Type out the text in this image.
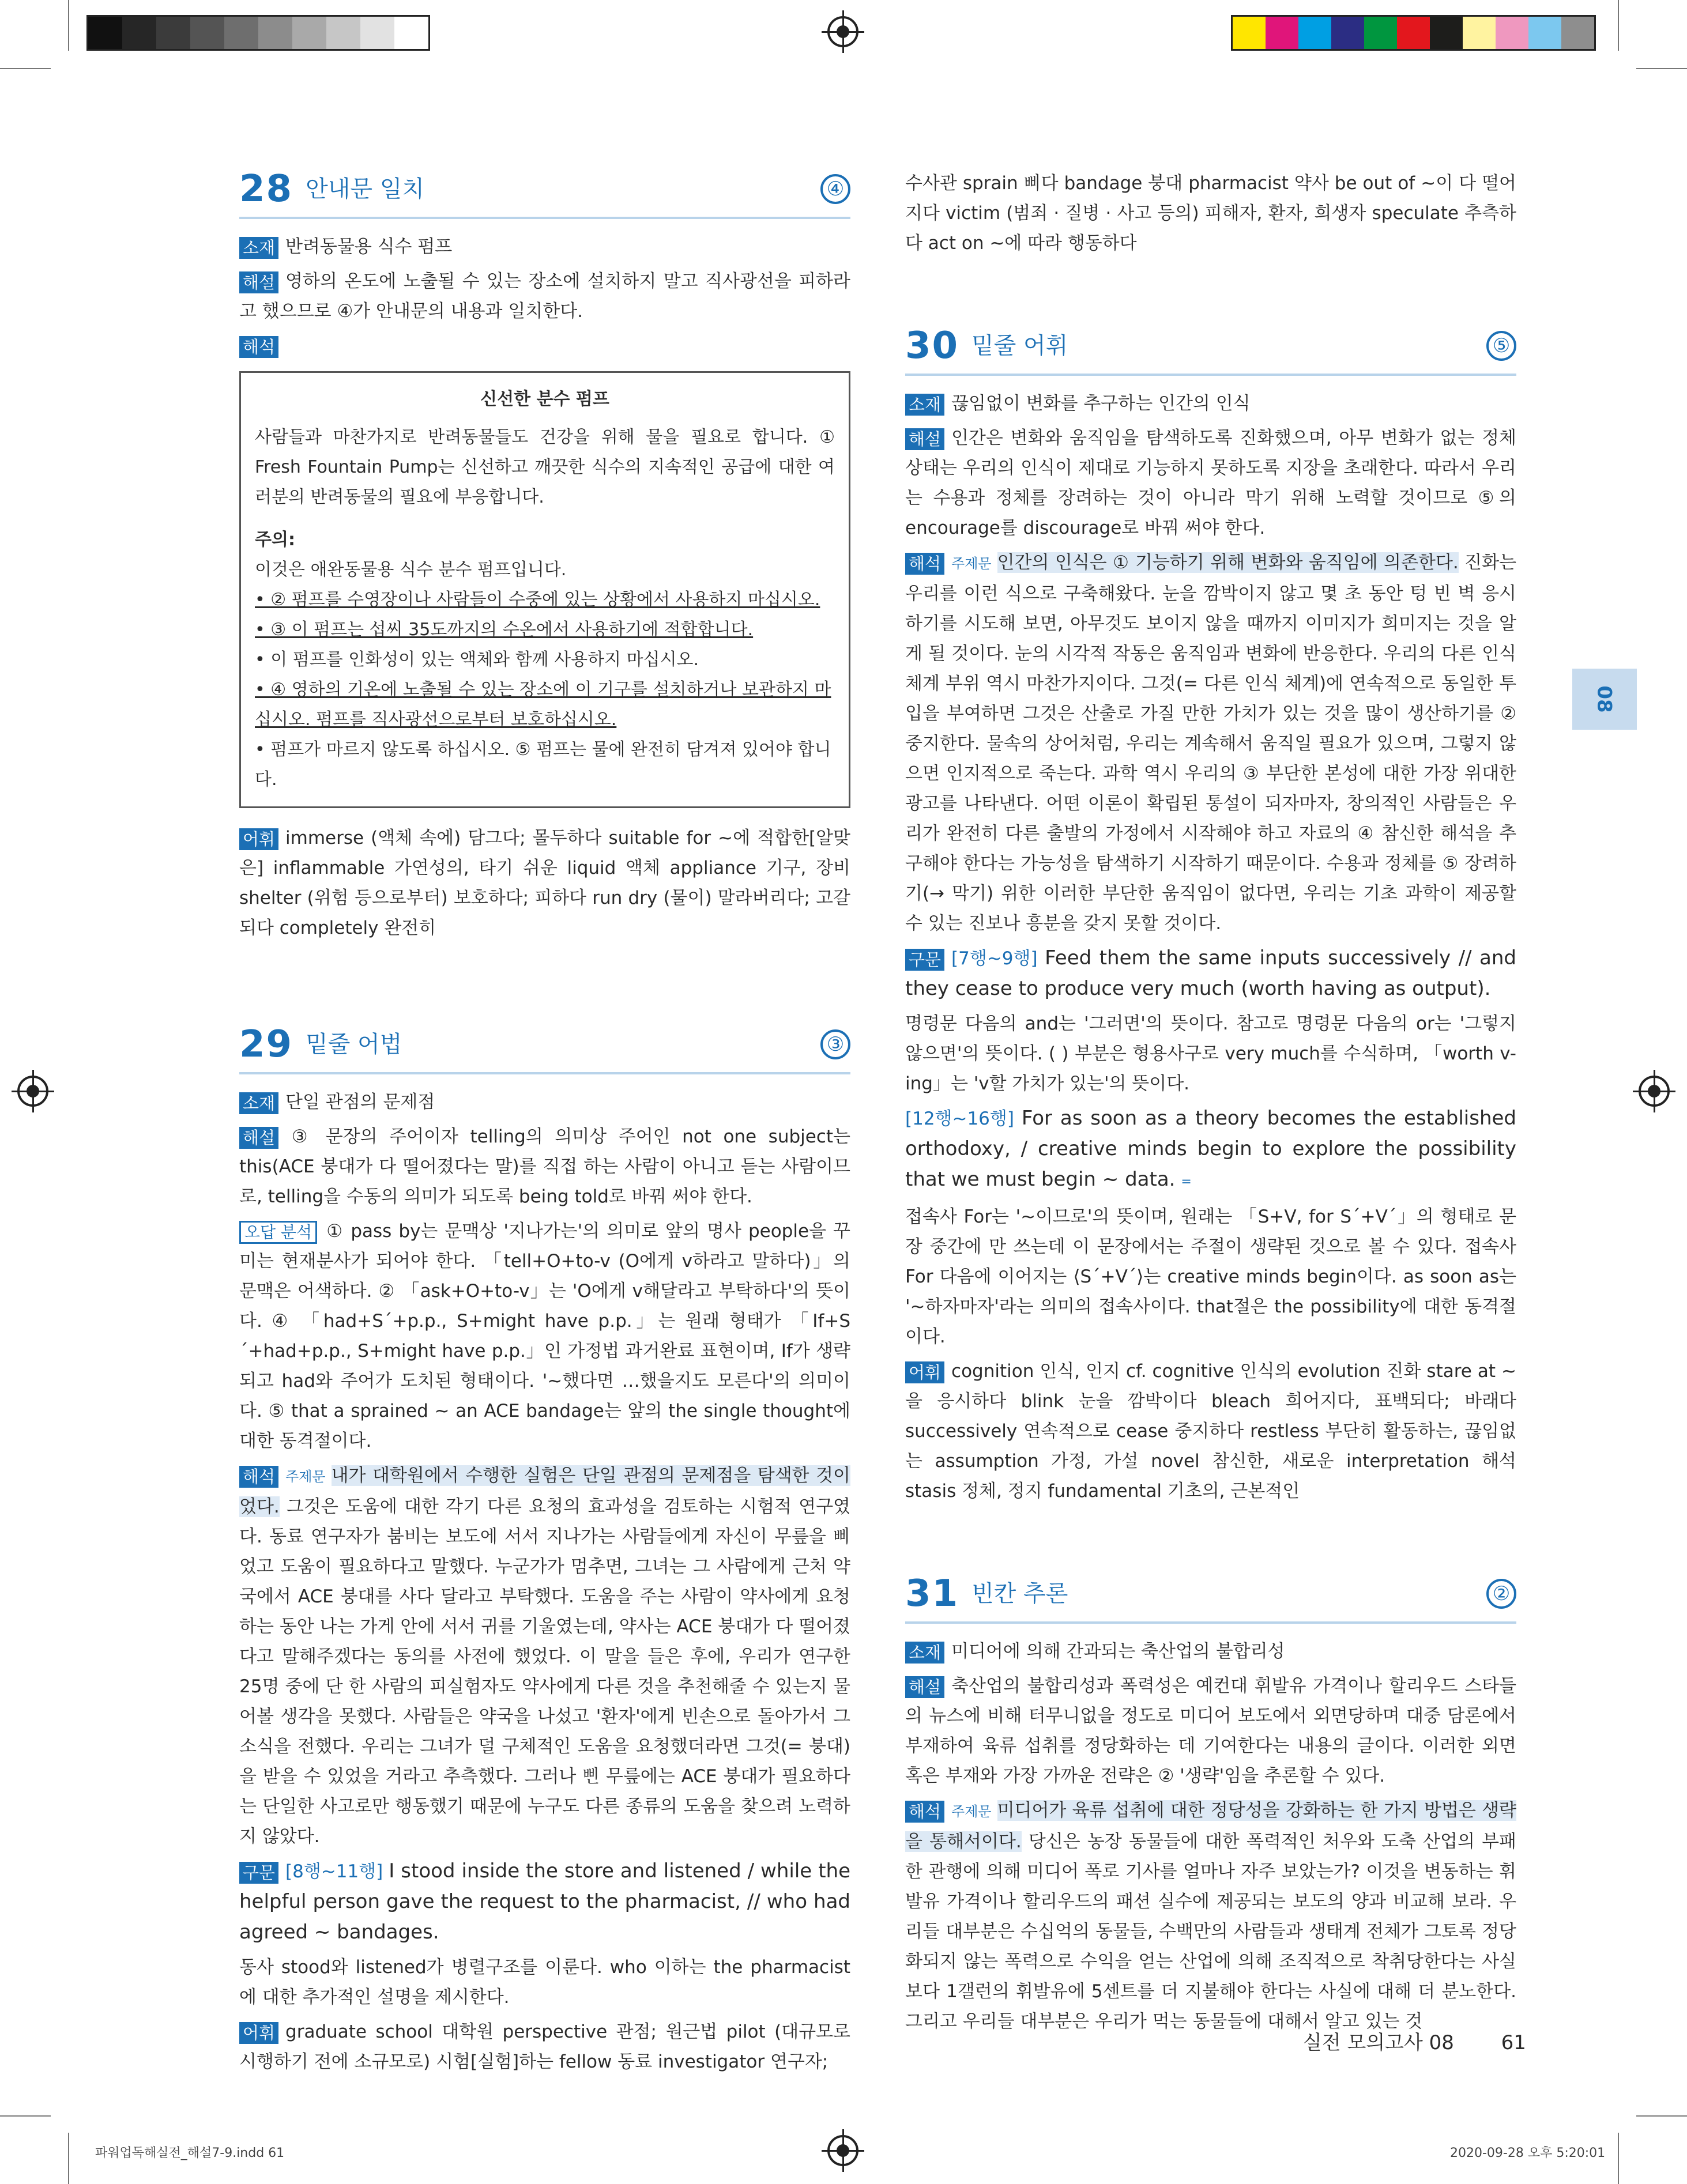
08
28 안내문 일치	④

소재 반려동물용 식수 펌프

해설 영하의 온도에 노출될 수 있는 장소에 설치하지 말고 직사광선을 피하라고 했으므로 ④가 안내문의 내용과 일치한다.

해석

신선한 분수 펌프

사람들과 마찬가지로 반려동물들도 건강을 위해 물을 필요로 합니다. ① Fresh Fountain Pump는 신선하고 깨끗한 식수의 지속적인 공급에 대한 여러분의 반려동물의 필요에 부응합니다.

주의:
이것은 애완동물용 식수 분수 펌프입니다.
• ② 펌프를 수영장이나 사람들이 수중에 있는 상황에서 사용하지 마십시오.
• ③ 이 펌프는 섭씨 35도까지의 수온에서 사용하기에 적합합니다.
• 이 펌프를 인화성이 있는 액체와 함께 사용하지 마십시오.
• ④ 영하의 기온에 노출될 수 있는 장소에 이 기구를 설치하거나 보관하지 마십시오. 펌프를 직사광선으로부터 보호하십시오.
• 펌프가 마르지 않도록 하십시오. ⑤ 펌프는 물에 완전히 담겨져 있어야 합니다.

어휘 immerse (액체 속에) 담그다; 몰두하다 suitable for ~에 적합한[알맞은] inflammable 가연성의, 타기 쉬운 liquid 액체 appliance 기구, 장비 shelter (위험 등으로부터) 보호하다; 피하다 run dry (물이) 말라버리다; 고갈되다 completely 완전히

29 밑줄 어법	③

소재 단일 관점의 문제점

해설 ③ 문장의 주어이자 telling의 의미상 주어인 not one subject는 this(ACE 붕대가 다 떨어졌다는 말)를 직접 하는 사람이 아니고 듣는 사람이므로, telling을 수동의 의미가 되도록 being told로 바꿔 써야 한다.

오답 분석 ① pass by는 문맥상 '지나가는'의 의미로 앞의 명사 people을 꾸미는 현재분사가 되어야 한다. 「tell+O+to-v (O에게 v하라고 말하다)」의 문맥은 어색하다. ② 「ask+O+to-v」는 'O에게 v해달라고 부탁하다'의 뜻이다. ④ 「had+S´+p.p., S+might have p.p.」는 원래 형태가 「If+S´+had+p.p., S+might have p.p.」인 가정법 과거완료 표현이며, If가 생략되고 had와 주어가 도치된 형태이다. '~했다면 …했을지도 모른다'의 의미이다. ⑤ that a sprained ~ an ACE bandage는 앞의 the single thought에 대한 동격절이다.

해석 주제문 내가 대학원에서 수행한 실험은 단일 관점의 문제점을 탐색한 것이었다. 그것은 도움에 대한 각기 다른 요청의 효과성을 검토하는 시험적 연구였다. 동료 연구자가 붐비는 보도에 서서 지나가는 사람들에게 자신이 무릎을 삐었고 도움이 필요하다고 말했다. 누군가가 멈추면, 그녀는 그 사람에게 근처 약국에서 ACE 붕대를 사다 달라고 부탁했다. 도움을 주는 사람이 약사에게 요청하는 동안 나는 가게 안에 서서 귀를 기울였는데, 약사는 ACE 붕대가 다 떨어졌다고 말해주겠다는 동의를 사전에 했었다. 이 말을 들은 후에, 우리가 연구한 25명 중에 단 한 사람의 피실험자도 약사에게 다른 것을 추천해줄 수 있는지 물어볼 생각을 못했다. 사람들은 약국을 나섰고 '환자'에게 빈손으로 돌아가서 그 소식을 전했다. 우리는 그녀가 덜 구체적인 도움을 요청했더라면 그것(= 붕대)을 받을 수 있었을 거라고 추측했다. 그러나 삔 무릎에는 ACE 붕대가 필요하다는 단일한 사고로만 행동했기 때문에 누구도 다른 종류의 도움을 찾으려 노력하지 않았다.

구문 [8행~11행] I stood inside the store and listened / while the helpful person gave the request to the pharmacist, // who had agreed ~ bandages.

동사 stood와 listened가 병렬구조를 이룬다. who 이하는 the pharmacist에 대한 추가적인 설명을 제시한다.

어휘 graduate school 대학원 perspective 관점; 원근법 pilot (대규모로 시행하기 전에 소규모로) 시험[실험]하는 fellow 동료 investigator 연구자;

수사관 sprain 삐다 bandage 붕대 pharmacist 약사 be out of ~이 다 떨어지다 victim (범죄 · 질병 · 사고 등의) 피해자, 환자, 희생자 speculate 추측하다 act on ~에 따라 행동하다

30 밑줄 어휘	⑤

소재 끊임없이 변화를 추구하는 인간의 인식

해설 인간은 변화와 움직임을 탐색하도록 진화했으며, 아무 변화가 없는 정체 상태는 우리의 인식이 제대로 기능하지 못하도록 지장을 초래한다. 따라서 우리는 수용과 정체를 장려하는 것이 아니라 막기 위해 노력할 것이므로 ⑤의 encourage를 discourage로 바꿔 써야 한다.

해석 주제문 인간의 인식은 ① 기능하기 위해 변화와 움직임에 의존한다. 진화는 우리를 이런 식으로 구축해왔다. 눈을 깜박이지 않고 몇 초 동안 텅 빈 벽 응시하기를 시도해 보면, 아무것도 보이지 않을 때까지 이미지가 희미지는 것을 알게 될 것이다. 눈의 시각적 작동은 움직임과 변화에 반응한다. 우리의 다른 인식 체계 부위 역시 마찬가지이다. 그것(= 다른 인식 체계)에 연속적으로 동일한 투입을 부여하면 그것은 산출로 가질 만한 가치가 있는 것을 많이 생산하기를 ② 중지한다. 물속의 상어처럼, 우리는 계속해서 움직일 필요가 있으며, 그렇지 않으면 인지적으로 죽는다. 과학 역시 우리의 ③ 부단한 본성에 대한 가장 위대한 광고를 나타낸다. 어떤 이론이 확립된 통설이 되자마자, 창의적인 사람들은 우리가 완전히 다른 출발의 가정에서 시작해야 하고 자료의 ④ 참신한 해석을 추구해야 한다는 가능성을 탐색하기 시작하기 때문이다. 수용과 정체를 ⑤ 장려하기(→ 막기) 위한 이러한 부단한 움직임이 없다면, 우리는 기초 과학이 제공할 수 있는 진보나 흥분을 갖지 못할 것이다.

구문 [7행~9행] Feed them the same inputs successively // and they cease to produce very much (worth having as output).

명령문 다음의 and는 '그러면'의 뜻이다. 참고로 명령문 다음의 or는 '그렇지 않으면'의 뜻이다. ( ) 부분은 형용사구로 very much를 수식하며, 「worth v-ing」는 'v할 가치가 있는'의 뜻이다.

[12행~16행] For as soon as a theory becomes the established orthodoxy, / creative minds begin to explore the possibility that we must begin ~ data. =

접속사 For는 '~이므로'의 뜻이며, 원래는 「S+V, for S´+V´」의 형태로 문장 중간에 만 쓰는데 이 문장에서는 주절이 생략된 것으로 볼 수 있다. 접속사 For 다음에 이어지는 ⟨S´+V´⟩는 creative minds begin이다. as soon as는 '~하자마자'라는 의미의 접속사이다. that절은 the possibility에 대한 동격절이다.

어휘 cognition 인식, 인지 cf. cognitive 인식의 evolution 진화 stare at ~을 응시하다 blink 눈을 깜박이다 bleach 희어지다, 표백되다; 바래다 successively 연속적으로 cease 중지하다 restless 부단히 활동하는, 끊임없는 assumption 가정, 가설 novel 참신한, 새로운 interpretation 해석 stasis 정체, 정지 fundamental 기초의, 근본적인

31 빈칸 추론	②

소재 미디어에 의해 간과되는 축산업의 불합리성

해설 축산업의 불합리성과 폭력성은 예컨대 휘발유 가격이나 할리우드 스타들의 뉴스에 비해 터무니없을 정도로 미디어 보도에서 외면당하며 대중 담론에서 부재하여 육류 섭취를 정당화하는 데 기여한다는 내용의 글이다. 이러한 외면 혹은 부재와 가장 가까운 전략은 ② '생략'임을 추론할 수 있다.

해석 주제문 미디어가 육류 섭취에 대한 정당성을 강화하는 한 가지 방법은 생략을 통해서이다. 당신은 농장 동물들에 대한 폭력적인 처우와 도축 산업의 부패한 관행에 의해 미디어 폭로 기사를 얼마나 자주 보았는가? 이것을 변동하는 휘발유 가격이나 할리우드의 패션 실수에 제공되는 보도의 양과 비교해 보라. 우리들 대부분은 수십억의 동물들, 수백만의 사람들과 생태계 전체가 그토록 정당화되지 않는 폭력으로 수익을 얻는 산업에 의해 조직적으로 착취당한다는 사실보다 1갤런의 휘발유에 5센트를 더 지불해야 한다는 사실에 대해 더 분노한다. 그리고 우리들 대부분은 우리가 먹는 동물들에 대해서 알고 있는 것

실전 모의고사 08 61
파워업독해실전_해설7-9.indd 61	2020-09-28 오후 5:20:01
